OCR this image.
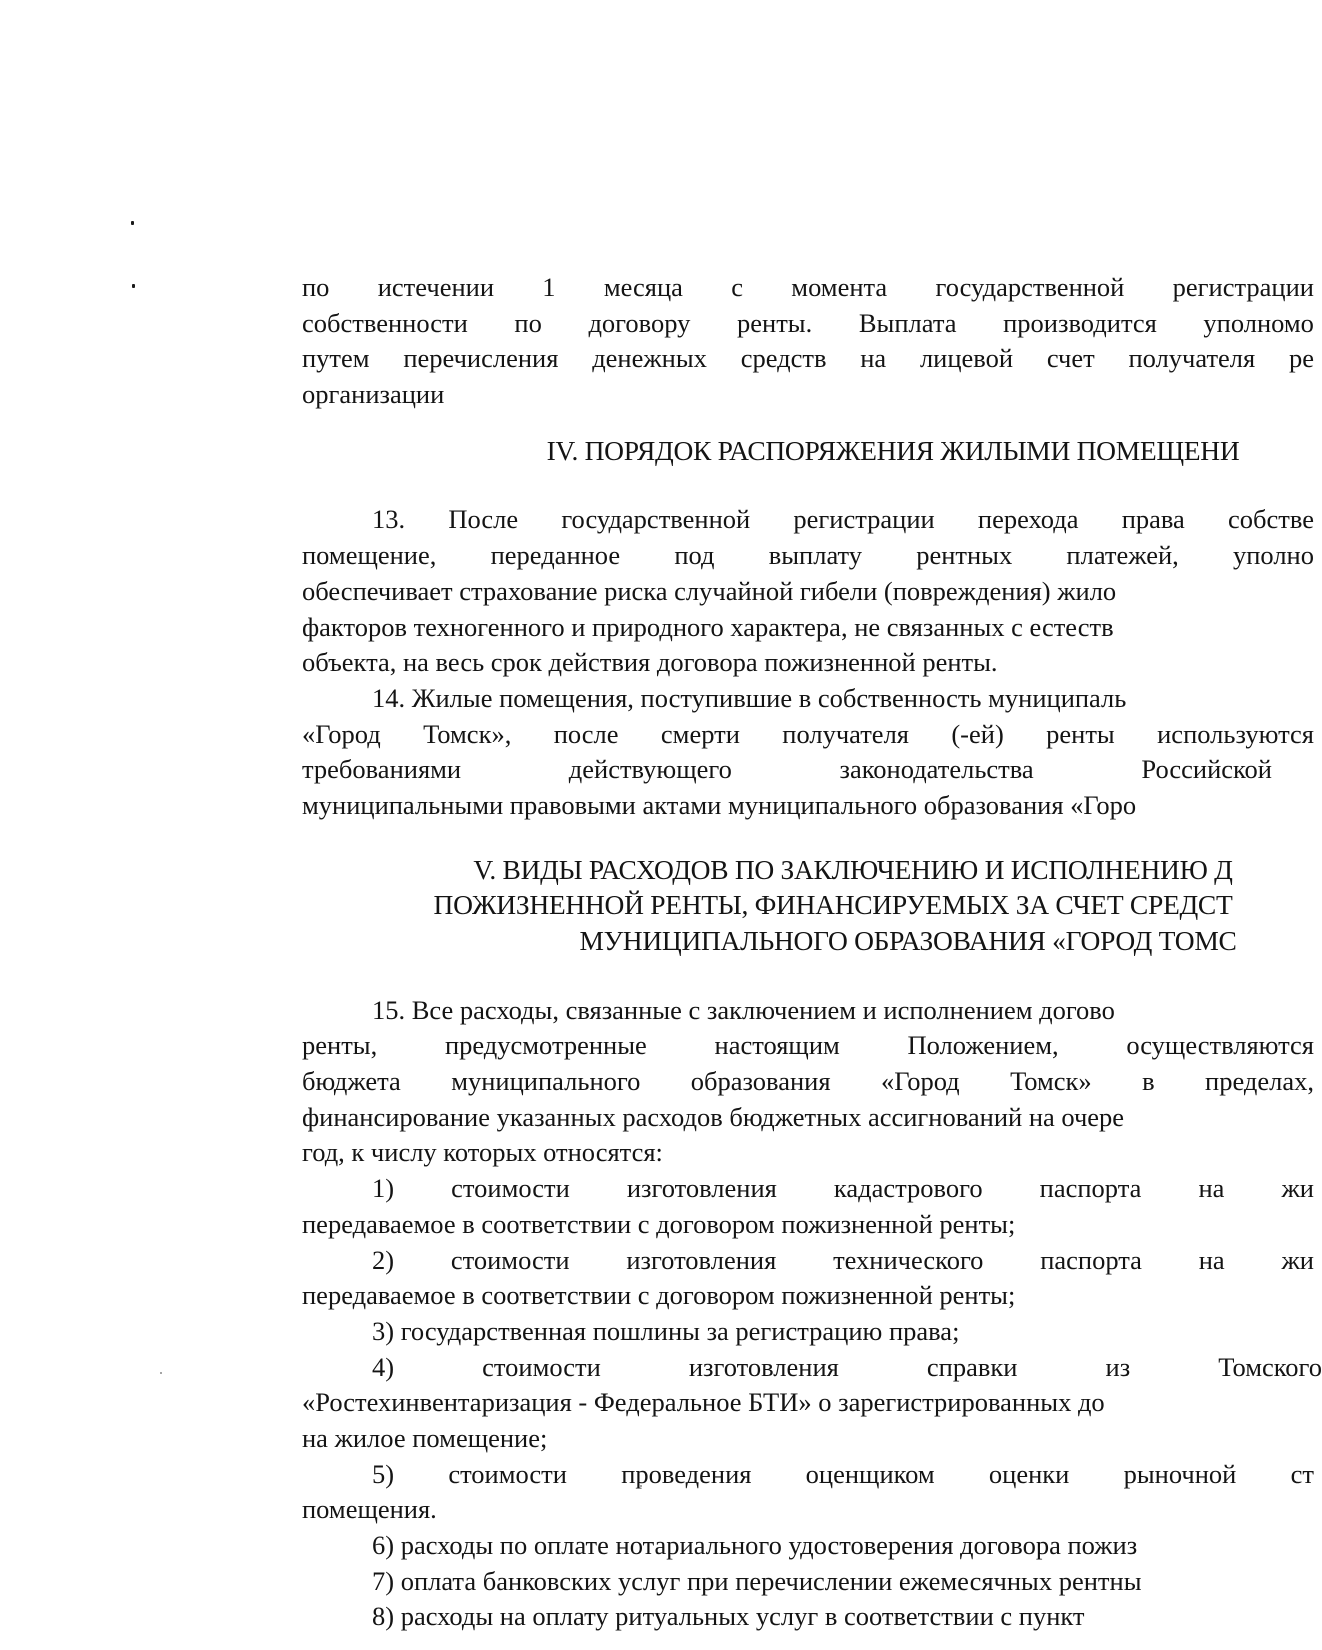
по истечении 1 месяца с момента государственной регистрации
собственности по договору ренты. Выплата производится уполномо
путем перечисления денежных средств на лицевой счет получателя ре
организации
IV. ПОРЯДОК РАСПОРЯЖЕНИЯ ЖИЛЫМИ ПОМЕЩЕНИ
13. После государственной регистрации перехода права собстве
помещение, переданное под выплату рентных платежей, уполно
обеспечивает страхование риска случайной гибели (повреждения) жило
факторов техногенного и природного характера, не связанных с естеств
объекта, на весь срок действия договора пожизненной ренты.
14. Жилые помещения, поступившие в собственность муниципаль
«Город Томск», после смерти получателя (-ей) ренты используются
требованиями	действующего	законодательства	Российской
муниципальными правовыми актами муниципального образования «Горо
V. ВИДЫ РАСХОДОВ ПО ЗАКЛЮЧЕНИЮ И ИСПОЛНЕНИЮ Д
ПОЖИЗНЕННОЙ РЕНТЫ, ФИНАНСИРУЕМЫХ ЗА СЧЕТ СРЕДСТ
МУНИЦИПАЛЬНОГО ОБРАЗОВАНИЯ «ГОРОД ТОМС
15. Все расходы, связанные с заключением и исполнением догово
ренты,	предусмотренные	настоящим	Положением,	осуществляются
бюджета муниципального образования «Город Томск» в пределах,
финансирование указанных расходов бюджетных ассигнований на очере
год, к числу которых относятся:
1) стоимости изготовления кадастрового паспорта на жи
передаваемое в соответствии с договором пожизненной ренты;
2) стоимости изготовления технического паспорта на жи
передаваемое в соответствии с договором пожизненной ренты;
3) государственная пошлины за регистрацию права;
4)	стоимости	изготовления	справки	из	Томского
«Ростехинвентаризация - Федеральное БТИ» о зарегистрированных до
на жилое помещение;
5) стоимости проведения оценщиком оценки рыночной ст
помещения.
6) расходы по оплате нотариального удостоверения договора пожиз
7) оплата банковских услуг при перечислении ежемесячных рентны
8) расходы на оплату ритуальных услуг в соответствии с пункт
